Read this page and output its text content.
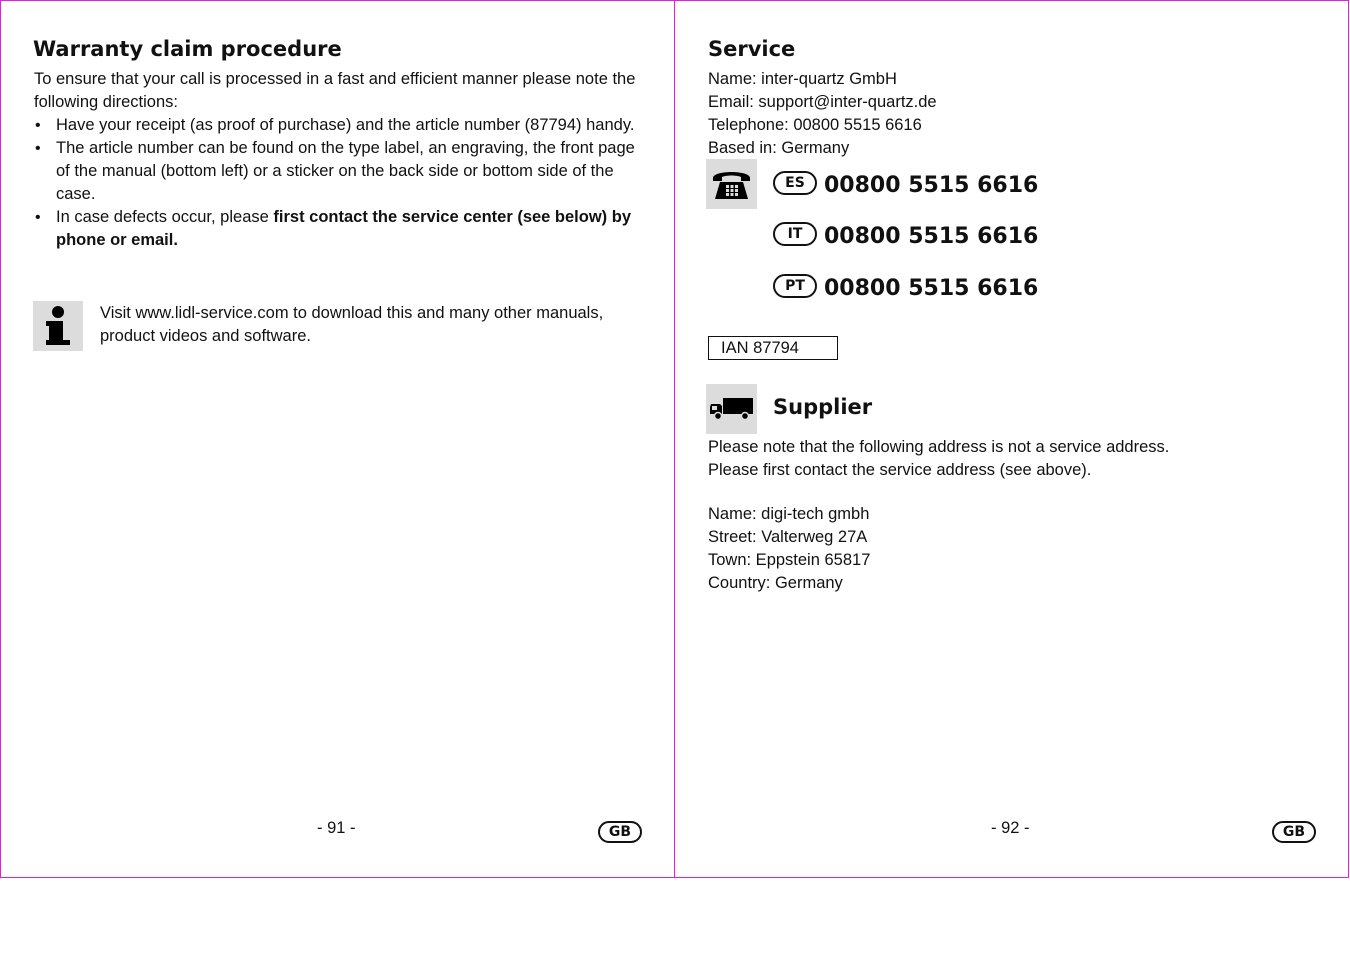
Warranty claim procedure

To ensure that your call is processed in a fast and efficient manner please note the following directions:

• Have your receipt (as proof of purchase) and the article number (87794) handy.
• The article number can be found on the type label, an engraving, the front page of the manual (bottom left) or a sticker on the back side or bottom side of the case.
• In case defects occur, please first contact the service center (see below) by phone or email.

Visit www.lidl-service.com to download this and many other manuals, product videos and software.

- 91 -	GB
Service
Name: inter-quartz GmbH
Email: support@inter-quartz.de
Telephone: 00800 5515 6616
Based in: Germany
ES 00800 5515 6616
IT 00800 5515 6616
PT 00800 5515 6616
IAN 87794
Supplier
Please note that the following address is not a service address.
Please first contact the service address (see above).
Name: digi-tech gmbh
Street: Valterweg 27A
Town: Eppstein 65817
Country: Germany
- 92 -	GB
